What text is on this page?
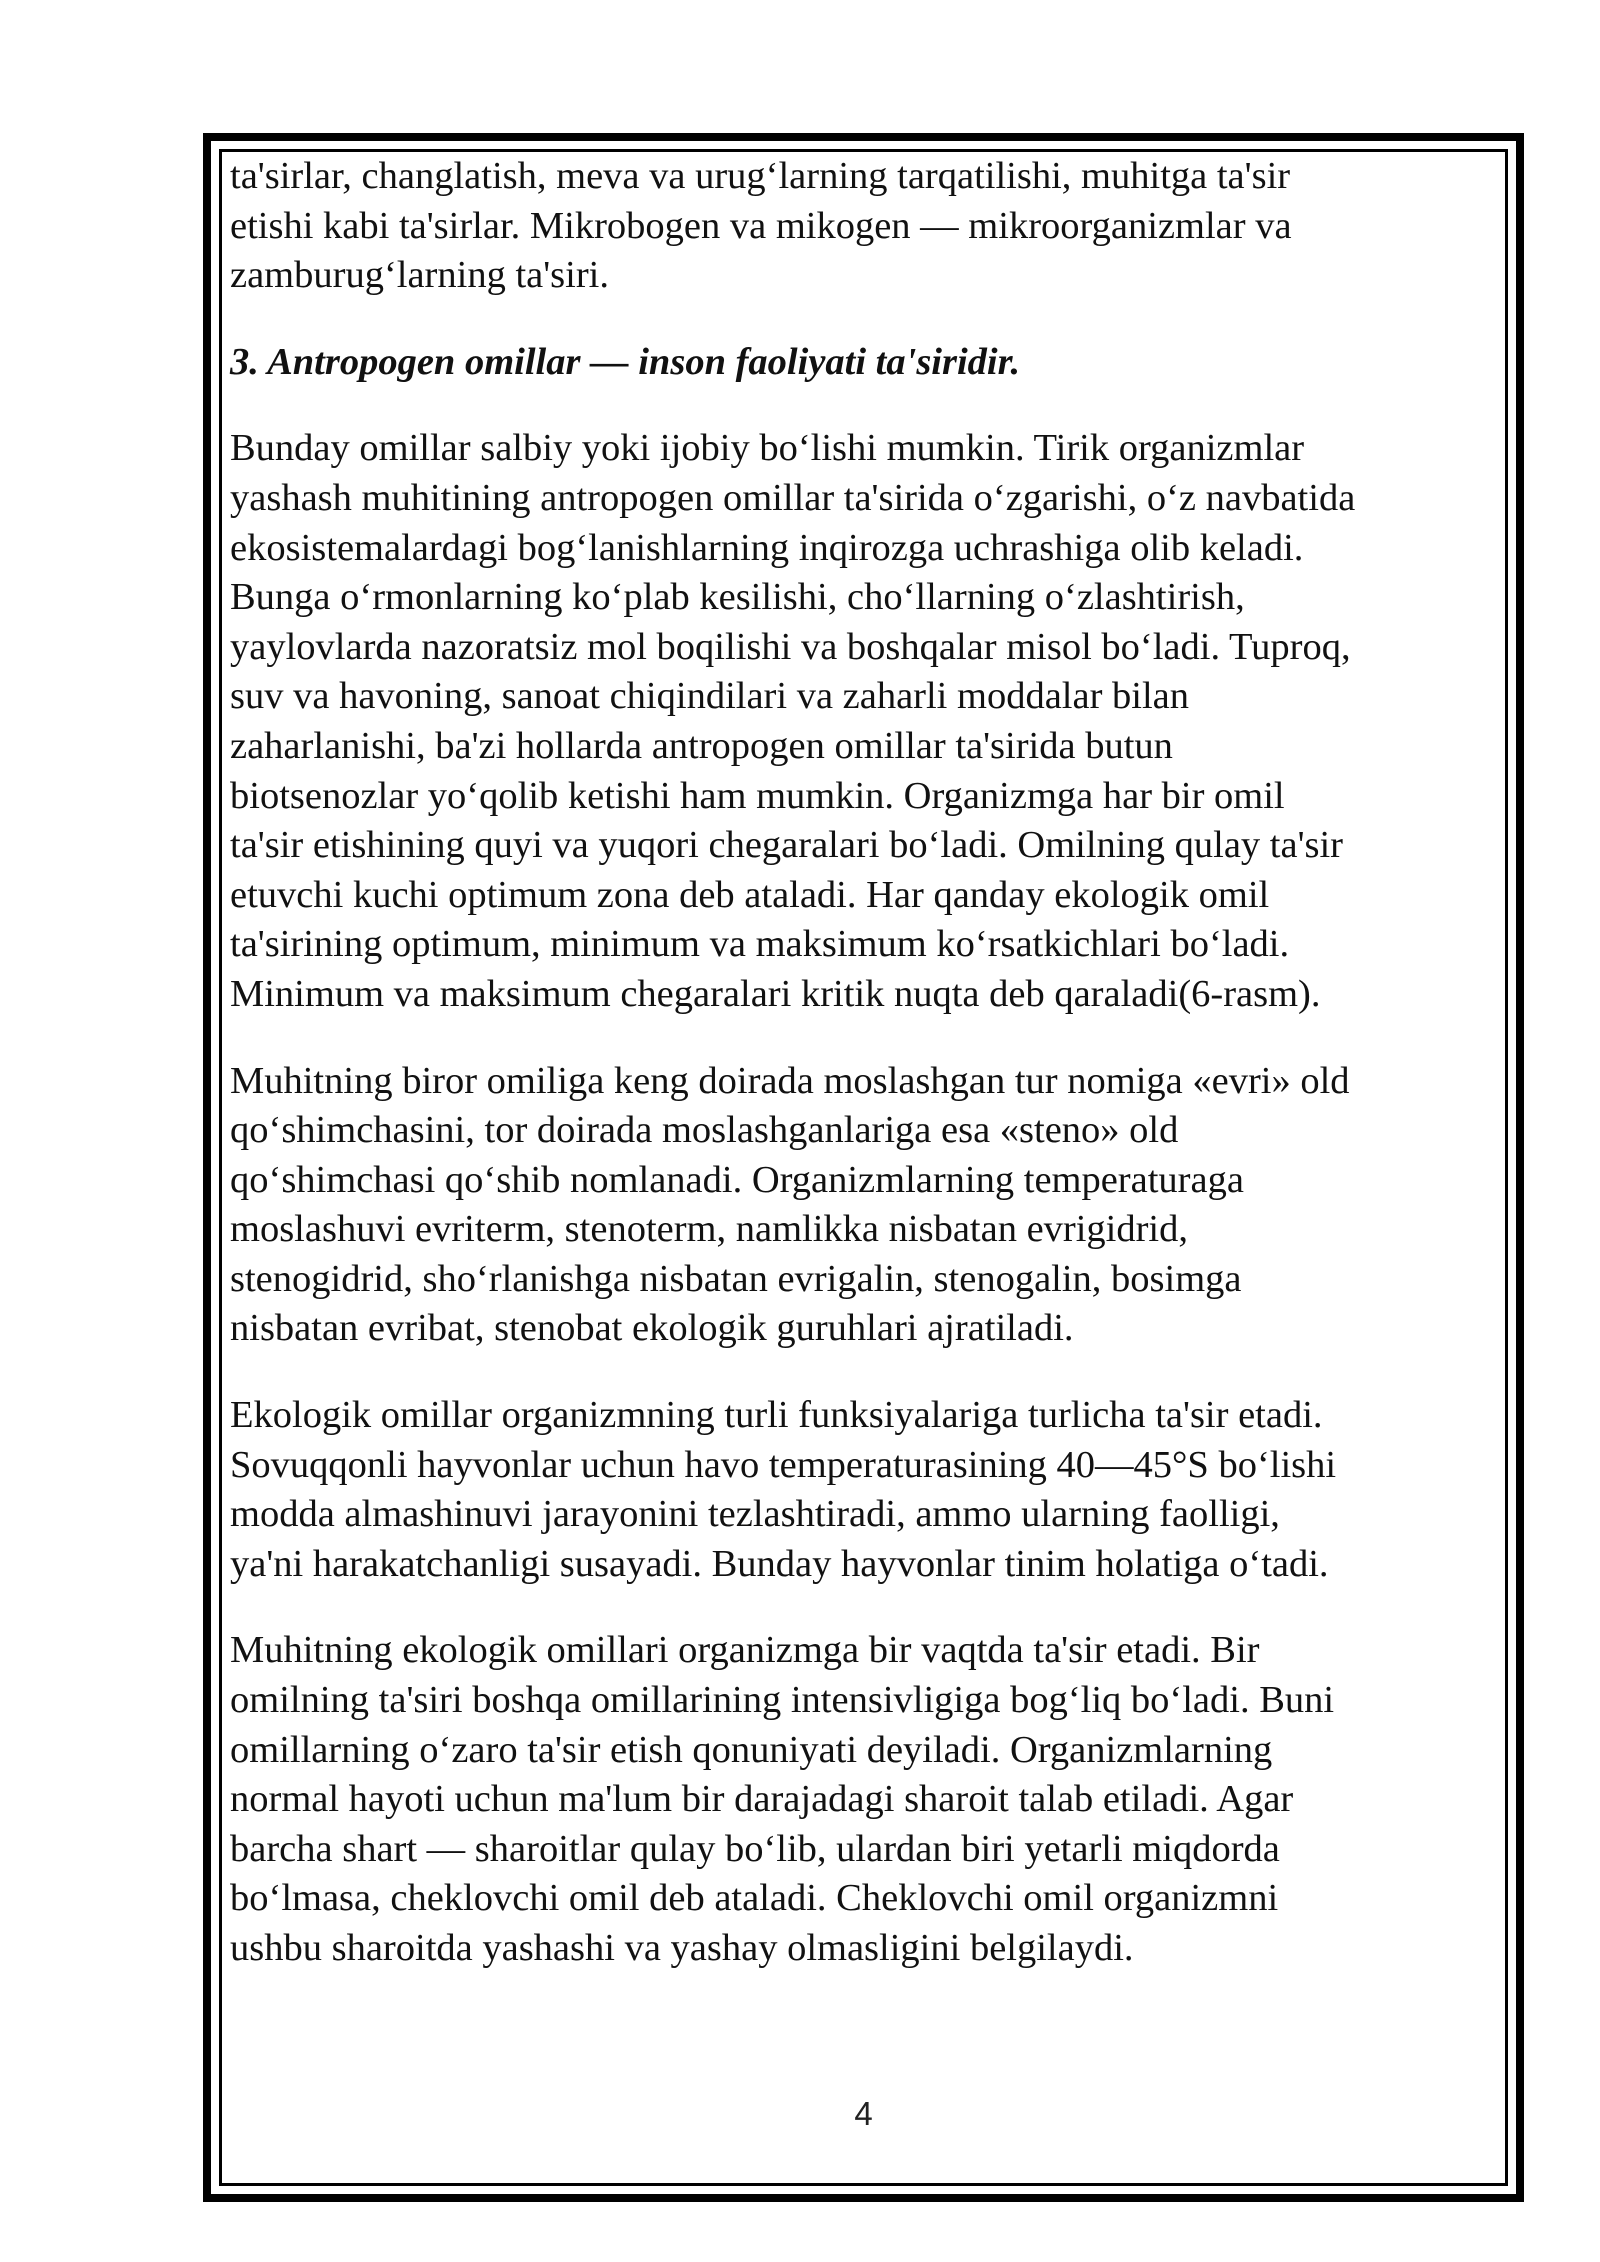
ta'sirlar, changlatish, meva va urug‘larning tarqatilishi, muhitga ta'sir
etishi kabi ta'sirlar. Mikrobogen va mikogen — mikroorganizmlar va
zamburug‘larning ta'siri.

3. Antropogen omillar — inson faoliyati ta'siridir.

Bunday omillar salbiy yoki ijobiy bo‘lishi mumkin. Tirik organizmlar
yashash muhitining antropogen omillar ta'sirida o‘zgarishi, o‘z navbatida
ekosistemalardagi bog‘lanishlarning inqirozga uchrashiga olib keladi.
Bunga o‘rmonlarning ko‘plab kesilishi, cho‘llarning o‘zlashtirish,
yaylovlarda nazoratsiz mol boqilishi va boshqalar misol bo‘ladi. Tuproq,
suv va havoning, sanoat chiqindilari va zaharli moddalar bilan
zaharlanishi, ba'zi hollarda antropogen omillar ta'sirida butun
biotsenozlar yo‘qolib ketishi ham mumkin. Organizmga har bir omil
ta'sir etishining quyi va yuqori chegaralari bo‘ladi. Omilning qulay ta'sir
etuvchi kuchi optimum zona deb ataladi. Har qanday ekologik omil
ta'sirining optimum, minimum va maksimum ko‘rsatkichlari bo‘ladi.
Minimum va maksimum chegaralari kritik nuqta deb qaraladi(6-rasm).

Muhitning biror omiliga keng doirada moslashgan tur nomiga «evri» old
qo‘shimchasini, tor doirada moslashganlariga esa «steno» old
qo‘shimchasi qo‘shib nomlanadi. Organizmlarning temperaturaga
moslashuvi evriterm, stenoterm, namlikka nisbatan evrigidrid,
stenogidrid, sho‘rlanishga nisbatan evrigalin, stenogalin, bosimga
nisbatan evribat, stenobat ekologik guruhlari ajratiladi.

Ekologik omillar organizmning turli funksiyalariga turlicha ta'sir etadi.
Sovuqqonli hayvonlar uchun havo temperaturasining 40—45°S bo‘lishi
modda almashinuvi jarayonini tezlashtiradi, ammo ularning faolligi,
ya'ni harakatchanligi susayadi. Bunday hayvonlar tinim holatiga o‘tadi.

Muhitning ekologik omillari organizmga bir vaqtda ta'sir etadi. Bir
omilning ta'siri boshqa omillarining intensivligiga bog‘liq bo‘ladi. Buni
omillarning o‘zaro ta'sir etish qonuniyati deyiladi. Organizmlarning
normal hayoti uchun ma'lum bir darajadagi sharoit talab etiladi. Agar
barcha shart — sharoitlar qulay bo‘lib, ulardan biri yetarli miqdorda
bo‘lmasa, cheklovchi omil deb ataladi. Cheklovchi omil organizmni
ushbu sharoitda yashashi va yashay olmasligini belgilaydi.

4
